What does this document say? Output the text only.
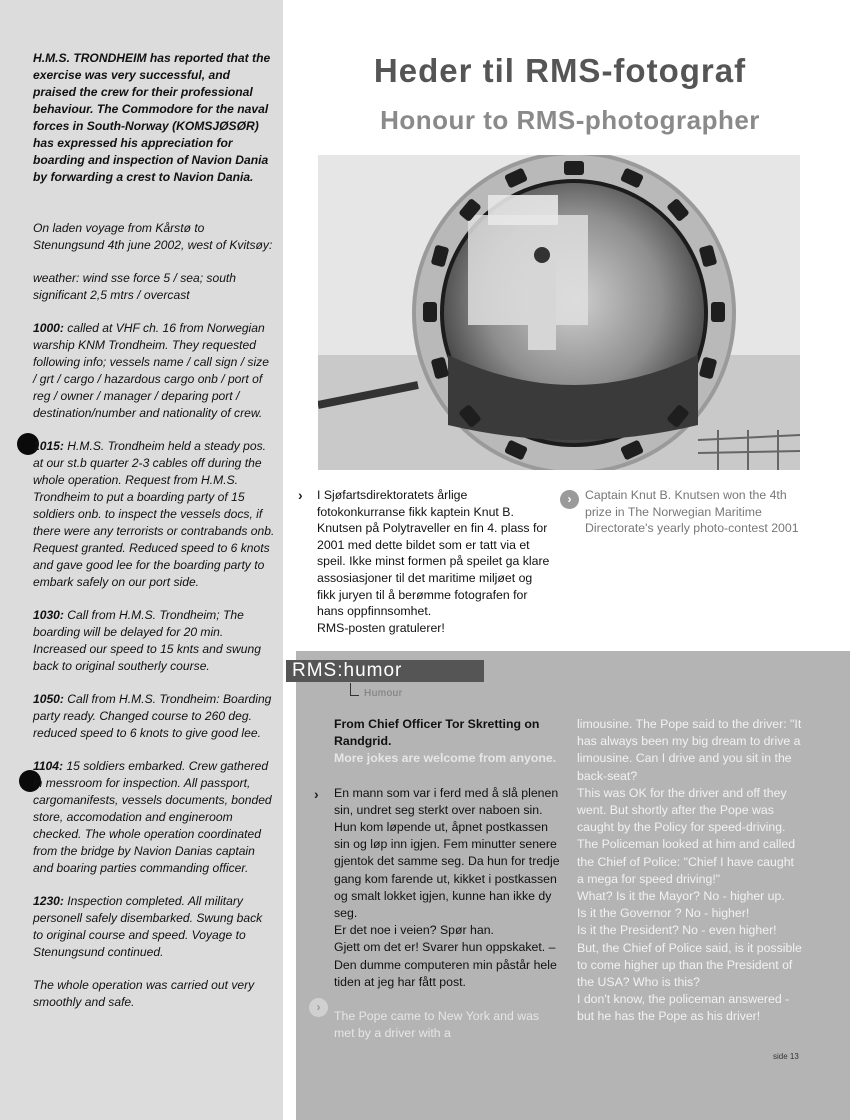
H.M.S. TRONDHEIM has reported that the exercise was very successful, and praised the crew for their professional behaviour. The Commodore for the naval forces in South-Norway (KOMSJØSØR) has expressed his appreciation for boarding and inspection of Navion Dania by forwarding a crest to Navion Dania.

On laden voyage from Kårstø to Stenungsund 4th june 2002, west of Kvitsøy:

weather: wind sse force 5 / sea; south significant 2,5 mtrs / overcast

1000: called at VHF ch. 16 from Norwegian warship KNM Trondheim. They requested following info; vessels name / call sign / size / grt / cargo / hazardous cargo onb / port of reg / owner / manager / deparing port / destination/number and nationality of crew.

1015: H.M.S. Trondheim held a steady pos. at our st.b quarter 2-3 cables off during the whole operation. Request from H.M.S. Trondheim to put a boarding party of 15 soldiers onb. to inspect the vessels docs, if there were any terrorists or contrabands onb. Request granted. Reduced speed to 6 knots and gave good lee for the boarding party to embark safely on our port side.

1030: Call from H.M.S. Trondheim; The boarding will be delayed for 20 min. Increased our speed to 15 knts and swung back to original southerly course.

1050: Call from H.M.S. Trondheim: Boarding party ready. Changed course to 260 deg. reduced speed to 6 knots to give good lee.

1104: 15 soldiers embarked. Crew gathered in messroom for inspection. All passport, cargomanifests, vessels documents, bonded store, accomodation and engineroom checked. The whole operation coordinated from the bridge by Navion Danias captain and boaring parties commanding officer.

1230: Inspection completed. All military personell safely disembarked. Swung back to original course and speed. Voyage to Stenungsund continued.

The whole operation was carried out very smoothly and safe.

Heder til RMS-fotograf
Honour to RMS-photographer
› I Sjøfartsdirektoratets årlige fotokonkurranse fikk kaptein Knut B. Knutsen på Polytraveller en fin 4. plass for 2001 med dette bildet som er tatt via et speil. Ikke minst formen på speilet ga klare assosiasjoner til det maritime miljøet og fikk juryen til å berømme fotografen for hans oppfinnsomhet.
RMS-posten gratulerer!
›	Captain Knut B. Knutsen won the 4th prize in The Norwegian Maritime Directorate's yearly photo-contest 2001
RMS:humor
Humour
From Chief Officer Tor Skretting on Randgrid.
More jokes are welcome from anyone.
En mann som var i ferd med å slå plenen sin, undret seg sterkt over naboen sin. Hun kom løpende ut, åpnet postkassen sin og løp inn igjen. Fem minutter senere gjentok det samme seg. Da hun for tredje gang kom farende ut, kikket i postkassen og smalt lokket igjen, kunne han ikke dy seg.
Er det noe i veien? Spør han.
Gjett om det er! Svarer hun oppskaket. – Den dumme computeren min påstår hele tiden at jeg har fått post.
The Pope came to New York and was met by a driver with a
›
›
limousine. The Pope said to the driver: "It has always been my big dream to drive a limousine. Can I drive and you sit in the back-seat?
This was OK for the driver and off they went. But shortly after the Pope was caught by the Policy for speed-driving.
The Policeman looked at him and called the Chief of Police: "Chief I have caught a mega for speed driving!"
What? Is it the Mayor? No - higher up.
Is it the Governor ? No - higher!
Is it the President? No - even higher!
But, the Chief of Police said, is it possible to come higher up than the President of the USA? Who is this?
I don't know, the policeman answered - but he has the Pope as his driver!
side 13
